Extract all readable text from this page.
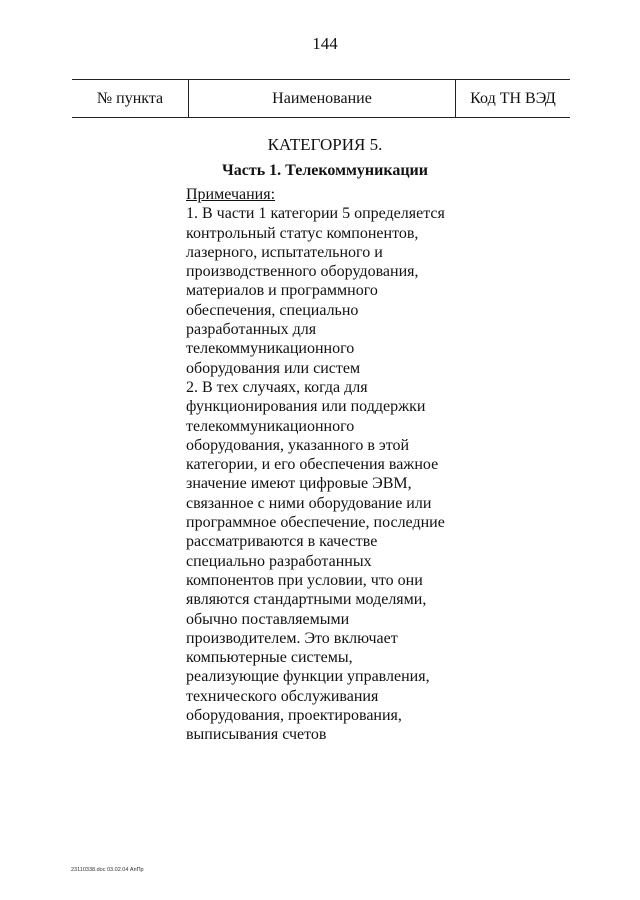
144
№ пункта	Наименование	Код ТН ВЭД
КАТЕГОРИЯ 5.
Часть 1. Телекоммуникации
Примечания:
1. В части 1 категории 5 определяется
контрольный статус компонентов,
лазерного, испытательного и
производственного оборудования,
материалов и программного
обеспечения, специально
разработанных для
телекоммуникационного
оборудования или систем
2. В тех случаях, когда для
функционирования или поддержки
телекоммуникационного
оборудования, указанного в этой
категории, и его обеспечения важное
значение имеют цифровые ЭВМ,
связанное с ними оборудование или
программное обеспечение, последние
рассматриваются в качестве
специально разработанных
компонентов при условии, что они
являются стандартными моделями,
обычно поставляемыми
производителем. Это включает
компьютерные системы,
реализующие функции управления,
технического обслуживания
оборудования, проектирования,
выписывания счетов
23110338.doc 03.02.04 АпПр
